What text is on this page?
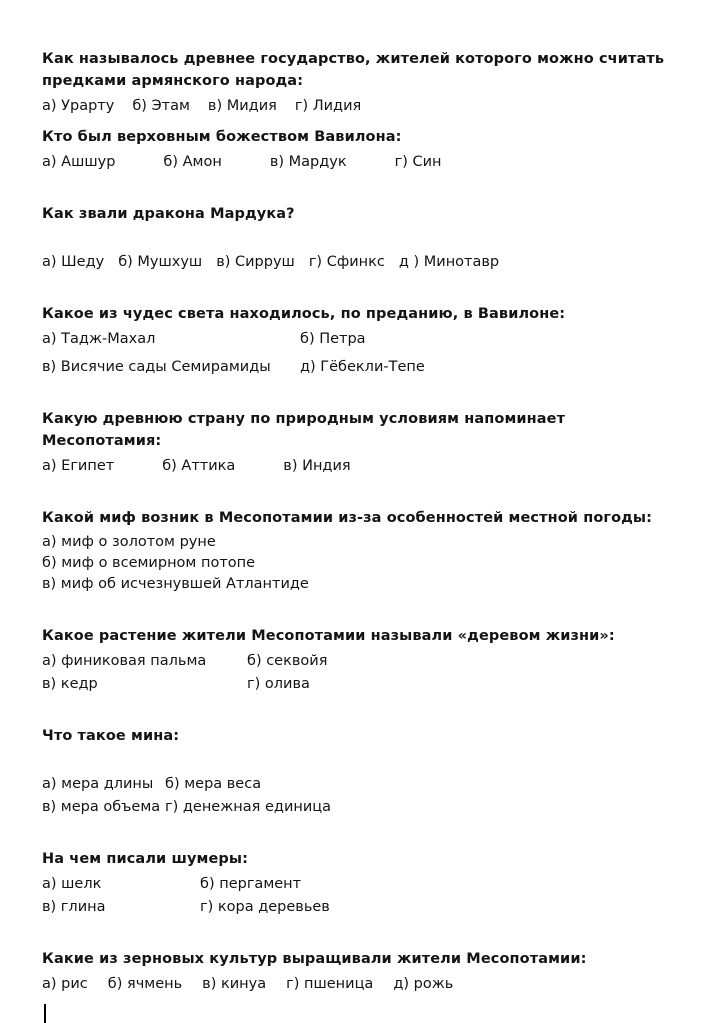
Как называлось древнее государство, жителей которого можно считать предками армянского народа:
а) Урарту б) Этам в) Мидия г) Лидия
Кто был верховным божеством Вавилона:
а) Ашшур	б) Амон	в) Мардук	г) Син
Как звали дракона Мардука?
а) Шеду б) Мушхуш в) Сирруш г) Сфинкс д ) Минотавр
Какое из чудес света находилось, по преданию, в Вавилоне:
а) Тадж-Махал	б) Петра
в) Висячие сады Семирамиды	д) Гёбекли-Тепе
Какую древнюю страну по природным условиям напоминает Месопотамия:
а) Египет	б) Аттика	в) Индия
Какой миф возник в Месопотамии из-за особенностей местной погоды:
а) миф о золотом руне
б) миф о всемирном потопе
в) миф об исчезнувшей Атлантиде
Какое растение жители Месопотамии называли «деревом жизни»:
а) финиковая пальма	б) секвойя
в) кедр	г) олива
Что такое мина:
а) мера длины б) мера веса
в) мера объема г) денежная единица
На чем писали шумеры:
а) шелк	б) пергамент
в) глина	г) кора деревьев
Какие из зерновых культур выращивали жители Месопотамии:
а) рис б) ячмень в) кинуа г) пшеница д) рожь
